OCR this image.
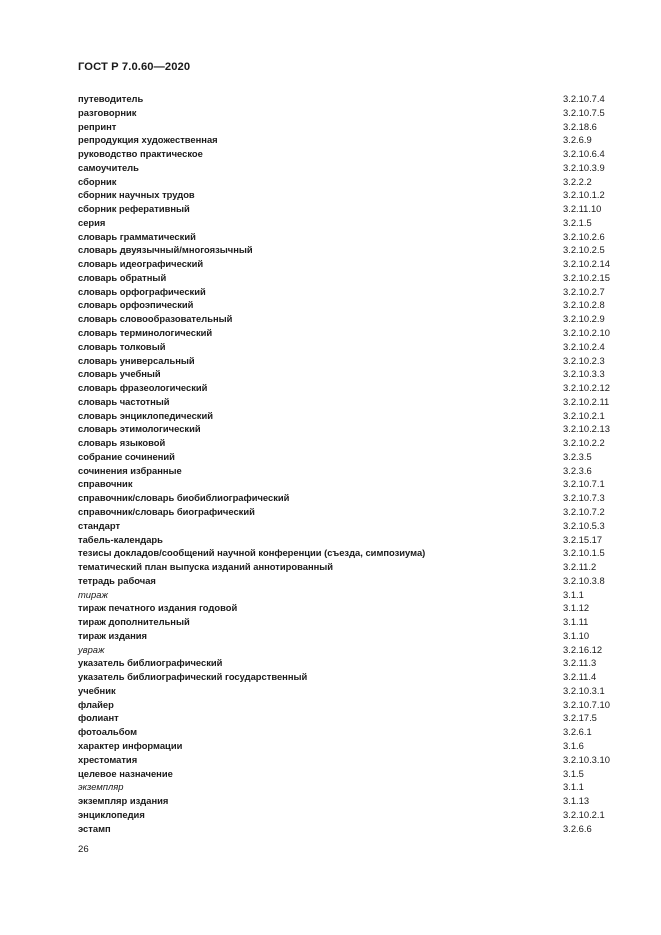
ГОСТ Р 7.0.60—2020
путеводитель	3.2.10.7.4
разговорник	3.2.10.7.5
репринт	3.2.18.6
репродукция художественная	3.2.6.9
руководство практическое	3.2.10.6.4
самоучитель	3.2.10.3.9
сборник	3.2.2.2
сборник научных трудов	3.2.10.1.2
сборник реферативный	3.2.11.10
серия	3.2.1.5
словарь грамматический	3.2.10.2.6
словарь двуязычный/многоязычный	3.2.10.2.5
словарь идеографический	3.2.10.2.14
словарь обратный	3.2.10.2.15
словарь орфографический	3.2.10.2.7
словарь орфоэпический	3.2.10.2.8
словарь словообразовательный	3.2.10.2.9
словарь терминологический	3.2.10.2.10
словарь толковый	3.2.10.2.4
словарь универсальный	3.2.10.2.3
словарь учебный	3.2.10.3.3
словарь фразеологический	3.2.10.2.12
словарь частотный	3.2.10.2.11
словарь энциклопедический	3.2.10.2.1
словарь этимологический	3.2.10.2.13
словарь языковой	3.2.10.2.2
собрание сочинений	3.2.3.5
сочинения избранные	3.2.3.6
справочник	3.2.10.7.1
справочник/словарь биобиблиографический	3.2.10.7.3
справочник/словарь биографический	3.2.10.7.2
стандарт	3.2.10.5.3
табель-календарь	3.2.15.17
тезисы докладов/сообщений научной конференции (съезда, симпозиума)	3.2.10.1.5
тематический план выпуска изданий аннотированный	3.2.11.2
тетрадь рабочая	3.2.10.3.8
тираж	3.1.1
тираж печатного издания годовой	3.1.12
тираж дополнительный	3.1.11
тираж издания	3.1.10
увраж	3.2.16.12
указатель библиографический	3.2.11.3
указатель библиографический государственный	3.2.11.4
учебник	3.2.10.3.1
флайер	3.2.10.7.10
фолиант	3.2.17.5
фотоальбом	3.2.6.1
характер информации	3.1.6
хрестоматия	3.2.10.3.10
целевое назначение	3.1.5
экземпляр	3.1.1
экземпляр издания	3.1.13
энциклопедия	3.2.10.2.1
эстамп	3.2.6.6
26
